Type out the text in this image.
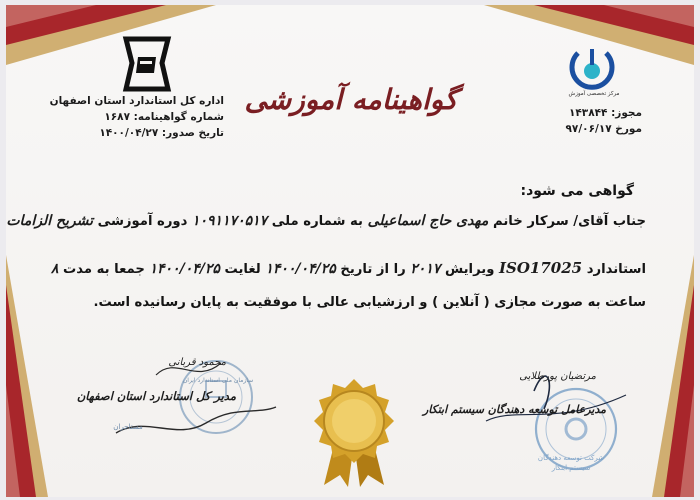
اداره کل استاندارد استان اصفهان
شماره گواهینامه: ۱۶۸۷
تاریخ صدور: ۱۴۰۰/۰۴/۲۷
مرکز تخصصی آموزش
مجوز: ۱۴۳۸۴۴
مورخ ۹۷/۰۶/۱۷
گواهینامه آموزشی
گواهی می شود:
جناب آقای/ سرکار خانم مهدی حاج اسماعیلی به شماره ملی ۱۰۹۱۱۷۰۵۱۷ دوره آموزشی تشریح الزامات
استاندارد ISO17025 ویرایش ۲۰۱۷ را از تاریخ ۱۴۰۰/۰۴/۲۵ لغایت ۱۴۰۰/۰۴/۲۵ جمعا به مدت ۸
ساعت به صورت مجازی ( آنلاین ) و ارزشیابی عالی با موفقیت به پایان رسانیده است.
محمود قربانی
سازمان ملی استاندارد ایران
مدیر کل استاندارد استان اصفهان
مستاجران
مرتضیان پورطلایی
مدیرعامل توسعه دهندگان سیستم ابتکار
شرکت توسعه دهندگان
سیستم ابتکار
